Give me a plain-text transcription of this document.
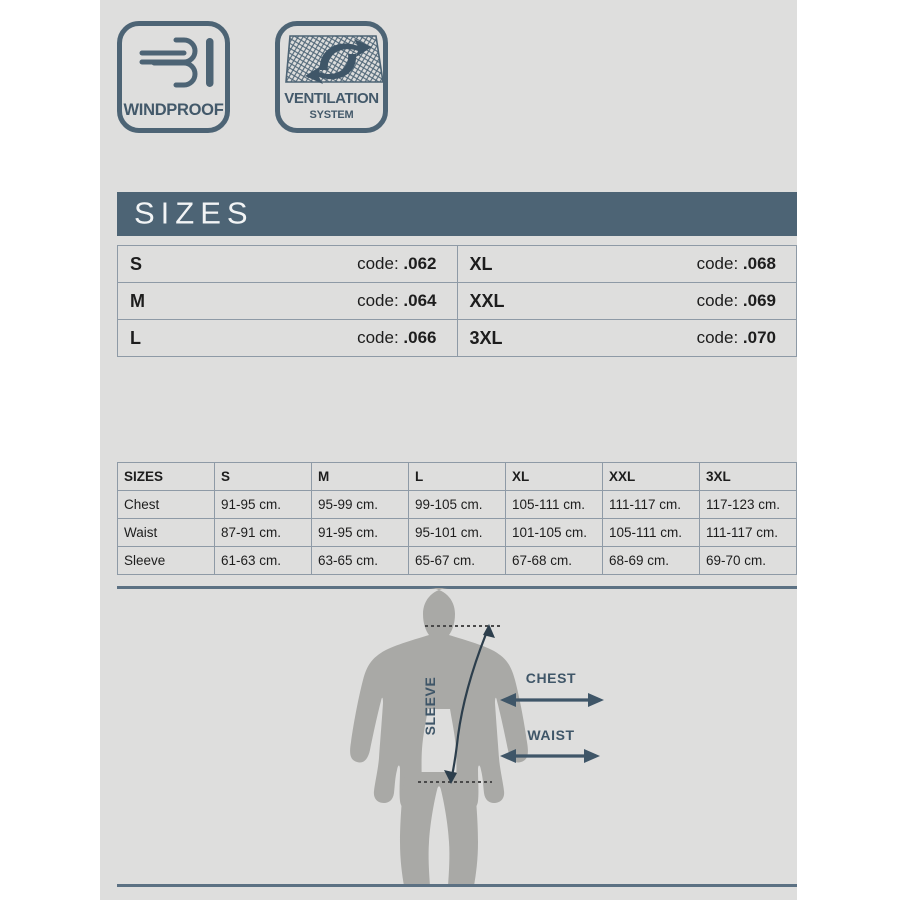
WINDPROOF
VENTILATION
SYSTEM
SIZES
S code: .062	XL code: .068

M code: .064	XXL code: .069

L code: .066	3XL code: .070
SIZES	S	M	L	XL	XXL	3XL
Chest	91-95 cm.	95-99 cm.	99-105 cm.	105-111 cm.	111-117 cm.	117-123 cm.
Waist	87-91 cm.	91-95 cm.	95-101 cm.	101-105 cm.	105-111 cm.	111-117 cm.
Sleeve	61-63 cm.	63-65 cm.	65-67 cm.	67-68 cm.	68-69 cm.	69-70 cm.
SLEEVE	CHEST
WAIST
